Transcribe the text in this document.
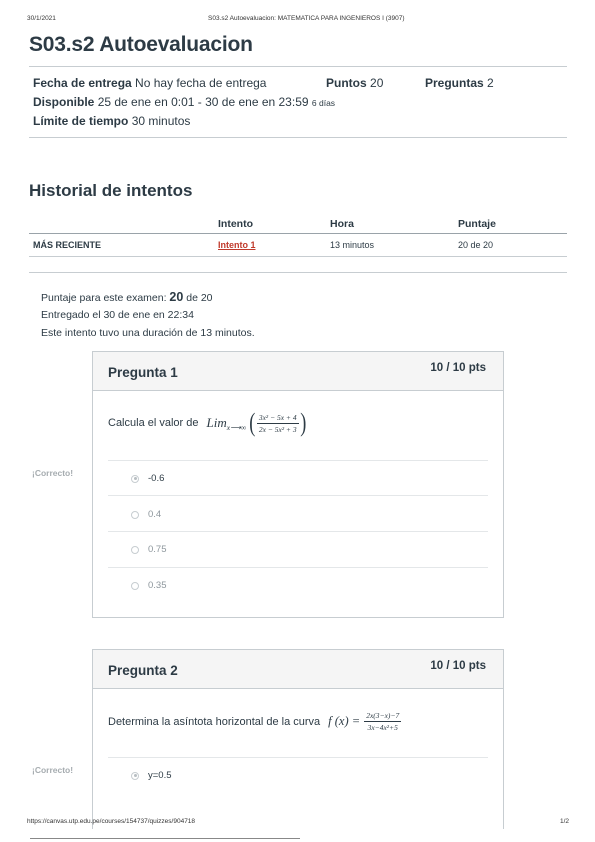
30/1/2021	S03.s2 Autoevaluacion: MATEMATICA PARA INGENIEROS I (3907)
S03.s2 Autoevaluacion
Fecha de entrega No hay fecha de entrega	Puntos 20	Preguntas 2
Disponible 25 de ene en 0:01 - 30 de ene en 23:59 6 días
Límite de tiempo 30 minutos
Historial de intentos
Intento	Hora	Puntaje
MÁS RECIENTE	Intento 1	13 minutos	20 de 20
Puntaje para este examen: 20 de 20
Entregado el 30 de ene en 22:34
Este intento tuvo una duración de 13 minutos.
Pregunta 1	10 / 10 pts
Calcula el valor de Lim x⟶∞ ( $\frac{\text{3x² − 5x + 4}}{\text{2x − 5x² + 3}}$ )
-0.6
0.4
0.75
0.35
¡Correcto!
Pregunta 2	10 / 10 pts
Determina la asíntota horizontal de la curva f $(x) = \frac{2x(3-x)-7}{\text{3x−4x²+5}}$
y=0.5
¡Correcto!
https://canvas.utp.edu.pe/courses/154737/quizzes/904718	1/2
